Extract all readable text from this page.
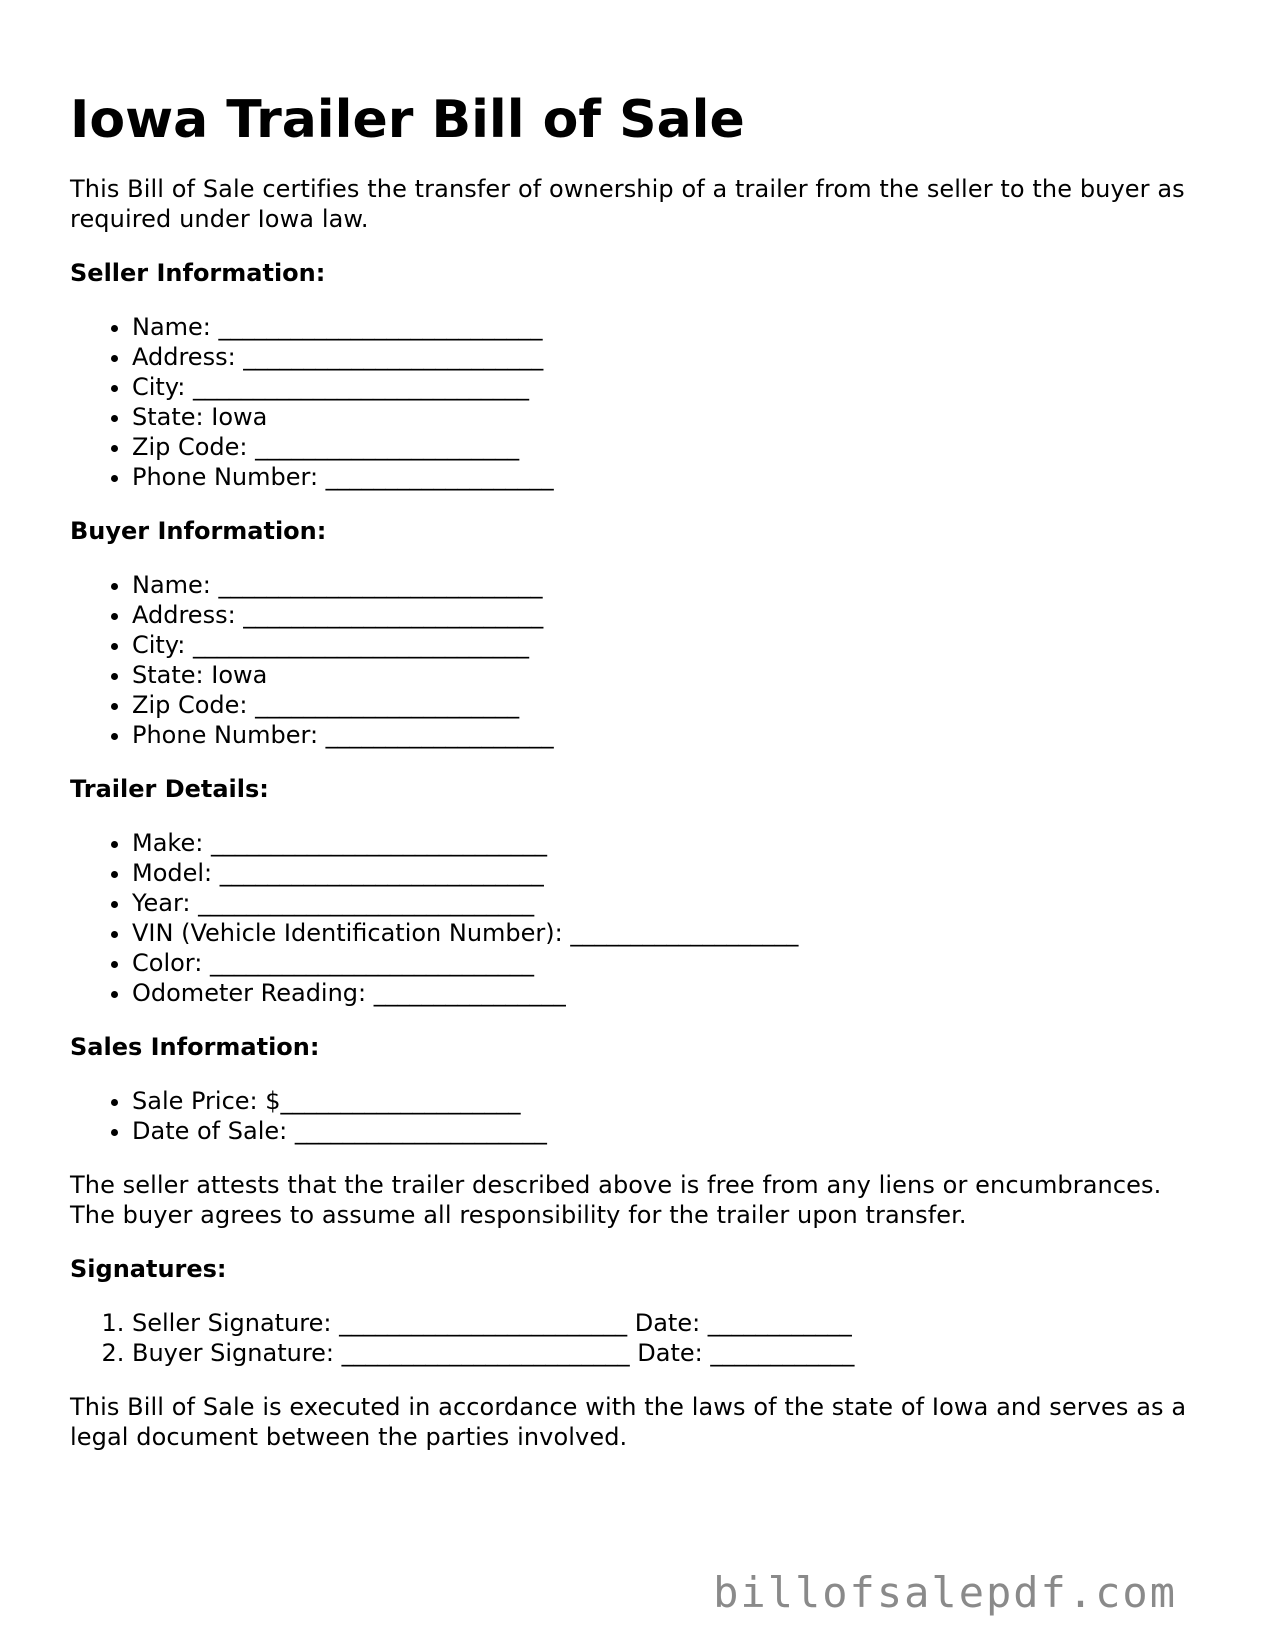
Iowa Trailer Bill of Sale

This Bill of Sale certifies the transfer of ownership of a trailer from the seller to the buyer as required under Iowa law.

Seller Information:
• Name: ___________________________
• Address: _________________________
• City: ____________________________
• State: Iowa
• Zip Code: ______________________
• Phone Number: ___________________
Buyer Information:
• Name: ___________________________
• Address: _________________________
• City: ____________________________
• State: Iowa
• Zip Code: ______________________
• Phone Number: ___________________
Trailer Details:
• Make: ____________________________
• Model: ___________________________
• Year: ____________________________
• VIN (Vehicle Identification Number): ___________________
• Color: ___________________________
• Odometer Reading: ________________
Sales Information:
• Sale Price: $____________________
• Date of Sale: _____________________

The seller attests that the trailer described above is free from any liens or encumbrances. The buyer agrees to assume all responsibility for the trailer upon transfer.

Signatures:
1. Seller Signature: ________________________ Date: ____________
2. Buyer Signature: ________________________ Date: ____________

This Bill of Sale is executed in accordance with the laws of the state of Iowa and serves as a legal document between the parties involved.

billofsalepdf.com
